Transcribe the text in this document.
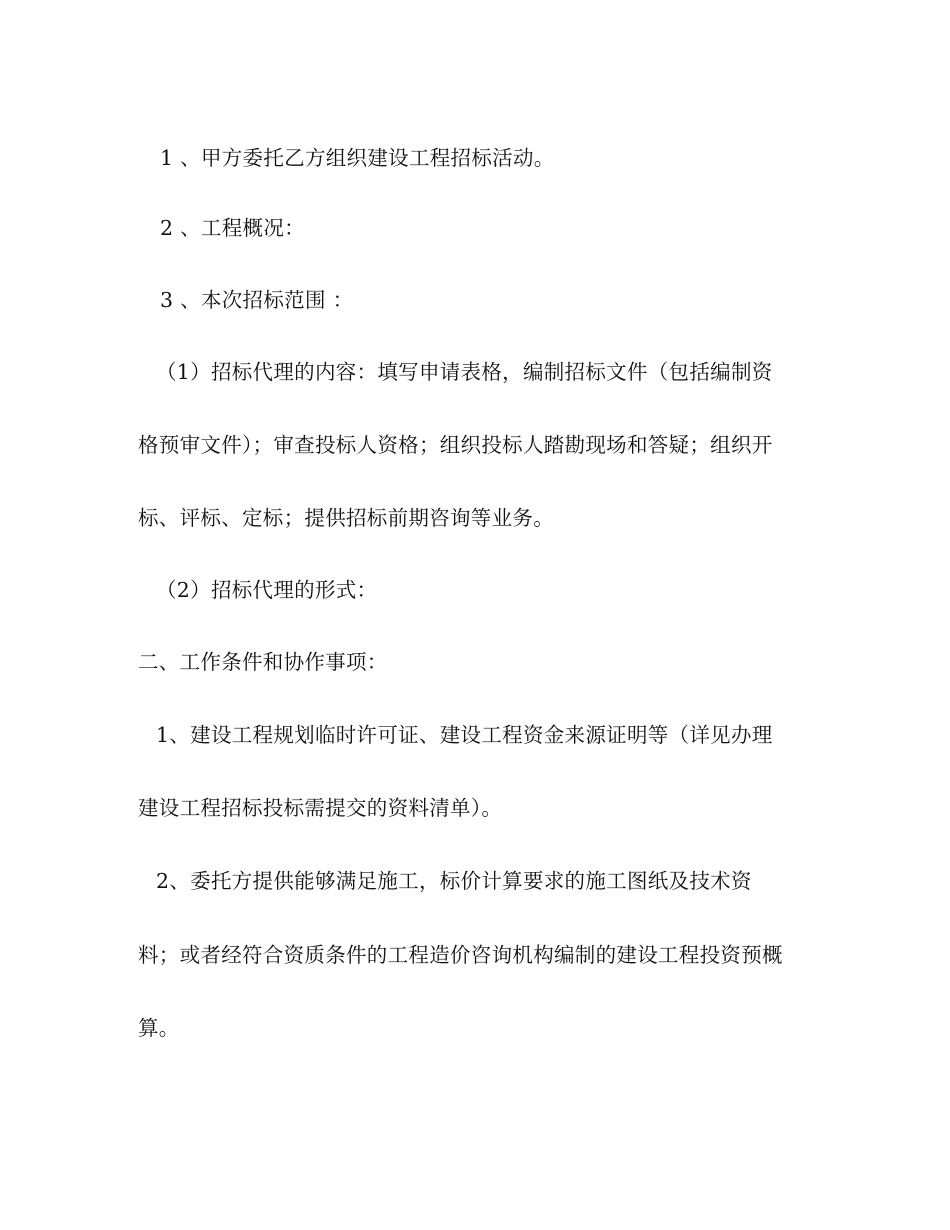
1 、甲方委托乙方组织建设工程招标活动。
2 、工程概况：
3 、本次招标范围 ：
（1）招标代理的内容：填写申请表格，编制招标文件（包括编制资
格预审文件）；审查投标人资格；组织投标人踏勘现场和答疑；组织开
标、评标、定标；提供招标前期咨询等业务。
（2）招标代理的形式：
二、工作条件和协作事项：
1、建设工程规划临时许可证、建设工程资金来源证明等（详见办理
建设工程招标投标需提交的资料清单）。
2、委托方提供能够满足施工，标价计算要求的施工图纸及技术资
料；或者经符合资质条件的工程造价咨询机构编制的建设工程投资预概
算。
